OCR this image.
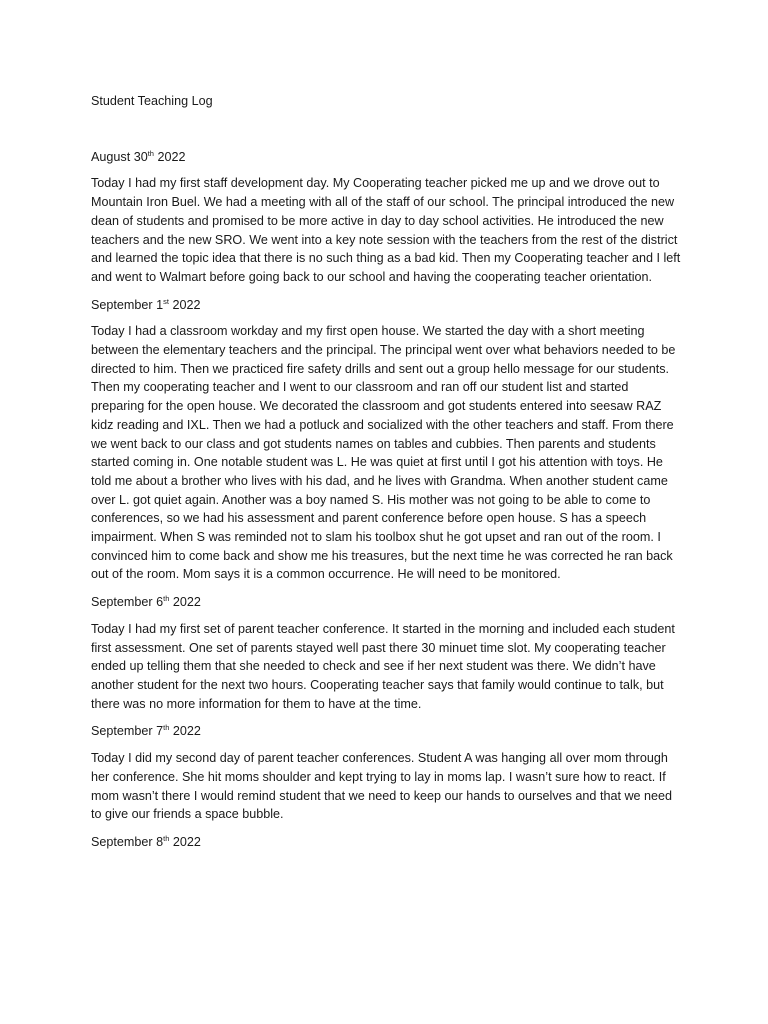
Student Teaching Log

August 30th 2022

Today I had my first staff development day. My Cooperating teacher picked me up and we drove out to Mountain Iron Buel. We had a meeting with all of the staff of our school. The principal introduced the new dean of students and promised to be more active in day to day school activities. He introduced the new teachers and the new SRO. We went into a key note session with the teachers from the rest of the district and learned the topic idea that there is no such thing as a bad kid. Then my Cooperating teacher and I left and went to Walmart before going back to our school and having the cooperating teacher orientation.

September 1st 2022

Today I had a classroom workday and my first open house. We started the day with a short meeting between the elementary teachers and the principal. The principal went over what behaviors needed to be directed to him. Then we practiced fire safety drills and sent out a group hello message for our students. Then my cooperating teacher and I went to our classroom and ran off our student list and started preparing for the open house. We decorated the classroom and got students entered into seesaw RAZ kidz reading and IXL. Then we had a potluck and socialized with the other teachers and staff. From there we went back to our class and got students names on tables and cubbies. Then parents and students started coming in. One notable student was L. He was quiet at first until I got his attention with toys. He told me about a brother who lives with his dad, and he lives with Grandma. When another student came over L. got quiet again. Another was a boy named S. His mother was not going to be able to come to conferences, so we had his assessment and parent conference before open house. S has a speech impairment. When S was reminded not to slam his toolbox shut he got upset and ran out of the room. I convinced him to come back and show me his treasures, but the next time he was corrected he ran back out of the room. Mom says it is a common occurrence. He will need to be monitored.

September 6th 2022

Today I had my first set of parent teacher conference. It started in the morning and included each student first assessment. One set of parents stayed well past there 30 minuet time slot. My cooperating teacher ended up telling them that she needed to check and see if her next student was there. We didn’t have another student for the next two hours. Cooperating teacher says that family would continue to talk, but there was no more information for them to have at the time.

September 7th 2022

Today I did my second day of parent teacher conferences. Student A was hanging all over mom through her conference. She hit moms shoulder and kept trying to lay in moms lap. I wasn’t sure how to react. If mom wasn’t there I would remind student that we need to keep our hands to ourselves and that we need to give our friends a space bubble.

September 8th 2022
